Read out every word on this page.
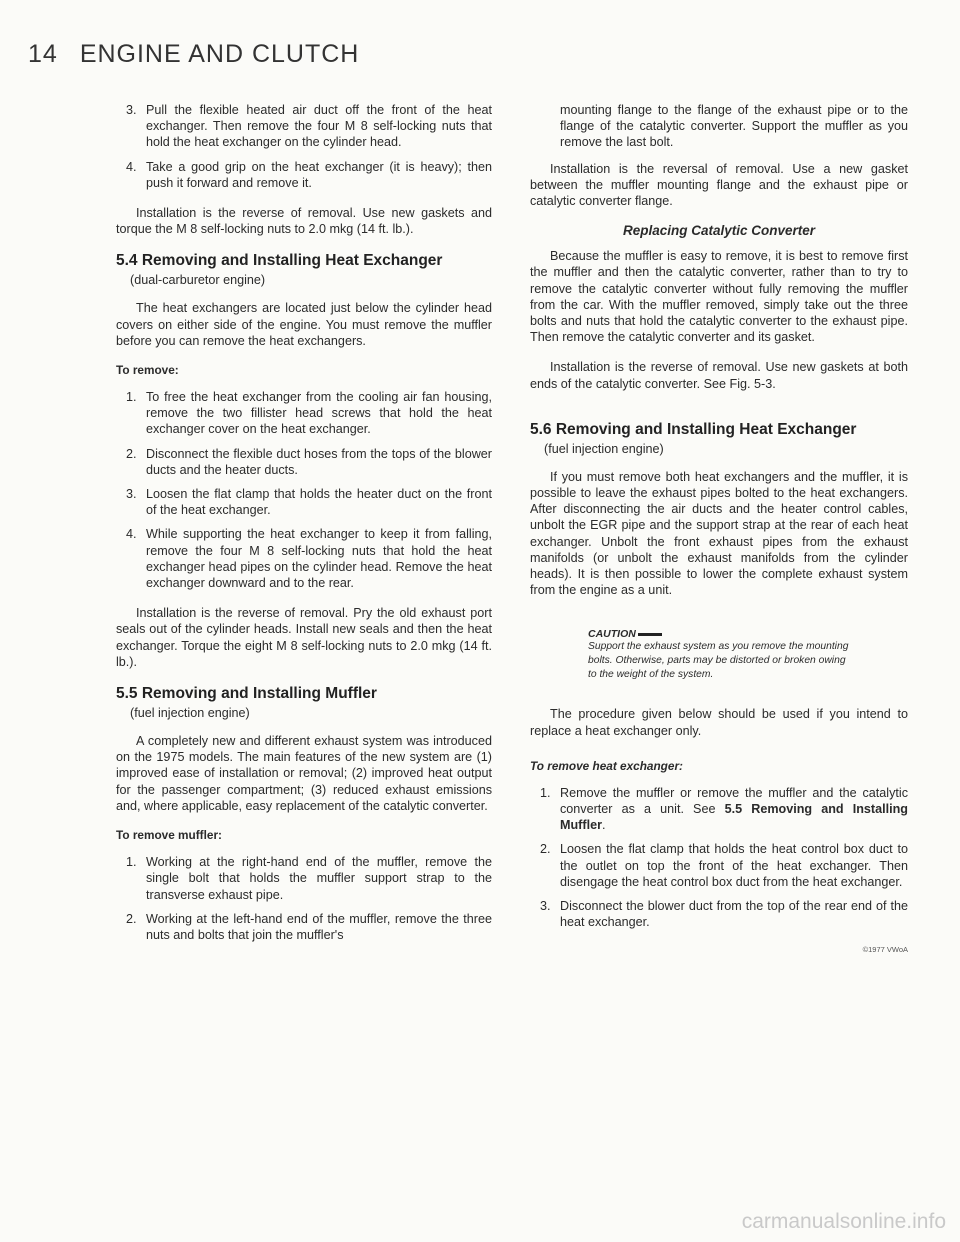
14 ENGINE AND CLUTCH
3. Pull the flexible heated air duct off the front of the heat exchanger. Then remove the four M 8 self-locking nuts that hold the heat exchanger on the cylinder head.
4. Take a good grip on the heat exchanger (it is heavy); then push it forward and remove it.

Installation is the reverse of removal. Use new gaskets and torque the M 8 self-locking nuts to 2.0 mkg (14 ft. lb.).

5.4 Removing and Installing Heat Exchanger
(dual-carburetor engine)

The heat exchangers are located just below the cylinder head covers on either side of the engine. You must remove the muffler before you can remove the heat exchangers.

To remove:
1. To free the heat exchanger from the cooling air fan housing, remove the two fillister head screws that hold the heat exchanger cover on the heat exchanger.
2. Disconnect the flexible duct hoses from the tops of the blower ducts and the heater ducts.
3. Loosen the flat clamp that holds the heater duct on the front of the heat exchanger.
4. While supporting the heat exchanger to keep it from falling, remove the four M 8 self-locking nuts that hold the heat exchanger head pipes on the cylinder head. Remove the heat exchanger downward and to the rear.

Installation is the reverse of removal. Pry the old exhaust port seals out of the cylinder heads. Install new seals and then the heat exchanger. Torque the eight M 8 self-locking nuts to 2.0 mkg (14 ft. lb.).

5.5 Removing and Installing Muffler
(fuel injection engine)

A completely new and different exhaust system was introduced on the 1975 models. The main features of the new system are (1) improved ease of installation or removal; (2) improved heat output for the passenger compartment; (3) reduced exhaust emissions and, where applicable, easy replacement of the catalytic converter.

To remove muffler:
1. Working at the right-hand end of the muffler, remove the single bolt that holds the muffler support strap to the transverse exhaust pipe.
2. Working at the left-hand end of the muffler, remove the three nuts and bolts that join the muffler's

mounting flange to the flange of the exhaust pipe or to the flange of the catalytic converter. Support the muffler as you remove the last bolt.

Installation is the reversal of removal. Use a new gasket between the muffler mounting flange and the exhaust pipe or catalytic converter flange.

Replacing Catalytic Converter

Because the muffler is easy to remove, it is best to remove first the muffler and then the catalytic converter, rather than to try to remove the catalytic converter without fully removing the muffler from the car. With the muffler removed, simply take out the three bolts and nuts that hold the catalytic converter to the exhaust pipe. Then remove the catalytic converter and its gasket.

Installation is the reverse of removal. Use new gaskets at both ends of the catalytic converter. See Fig. 5-3.

5.6 Removing and Installing Heat Exchanger
(fuel injection engine)

If you must remove both heat exchangers and the muffler, it is possible to leave the exhaust pipes bolted to the heat exchangers. After disconnecting the air ducts and the heater control cables, unbolt the EGR pipe and the support strap at the rear of each heat exchanger. Unbolt the front exhaust pipes from the exhaust manifolds (or unbolt the exhaust manifolds from the cylinder heads). It is then possible to lower the complete exhaust system from the engine as a unit.

CAUTION

Support the exhaust system as you remove the mounting bolts. Otherwise, parts may be distorted or broken owing to the weight of the system.

The procedure given below should be used if you intend to replace a heat exchanger only.

To remove heat exchanger:
1. Remove the muffler or remove the muffler and the catalytic converter as a unit. See 5.5 Removing and Installing Muffler.
2. Loosen the flat clamp that holds the heat control box duct to the outlet on top the front of the heat exchanger. Then disengage the heat control box duct from the heat exchanger.
3. Disconnect the blower duct from the top of the rear end of the heat exchanger.
©1977 VWoA
carmanualsonline.info
